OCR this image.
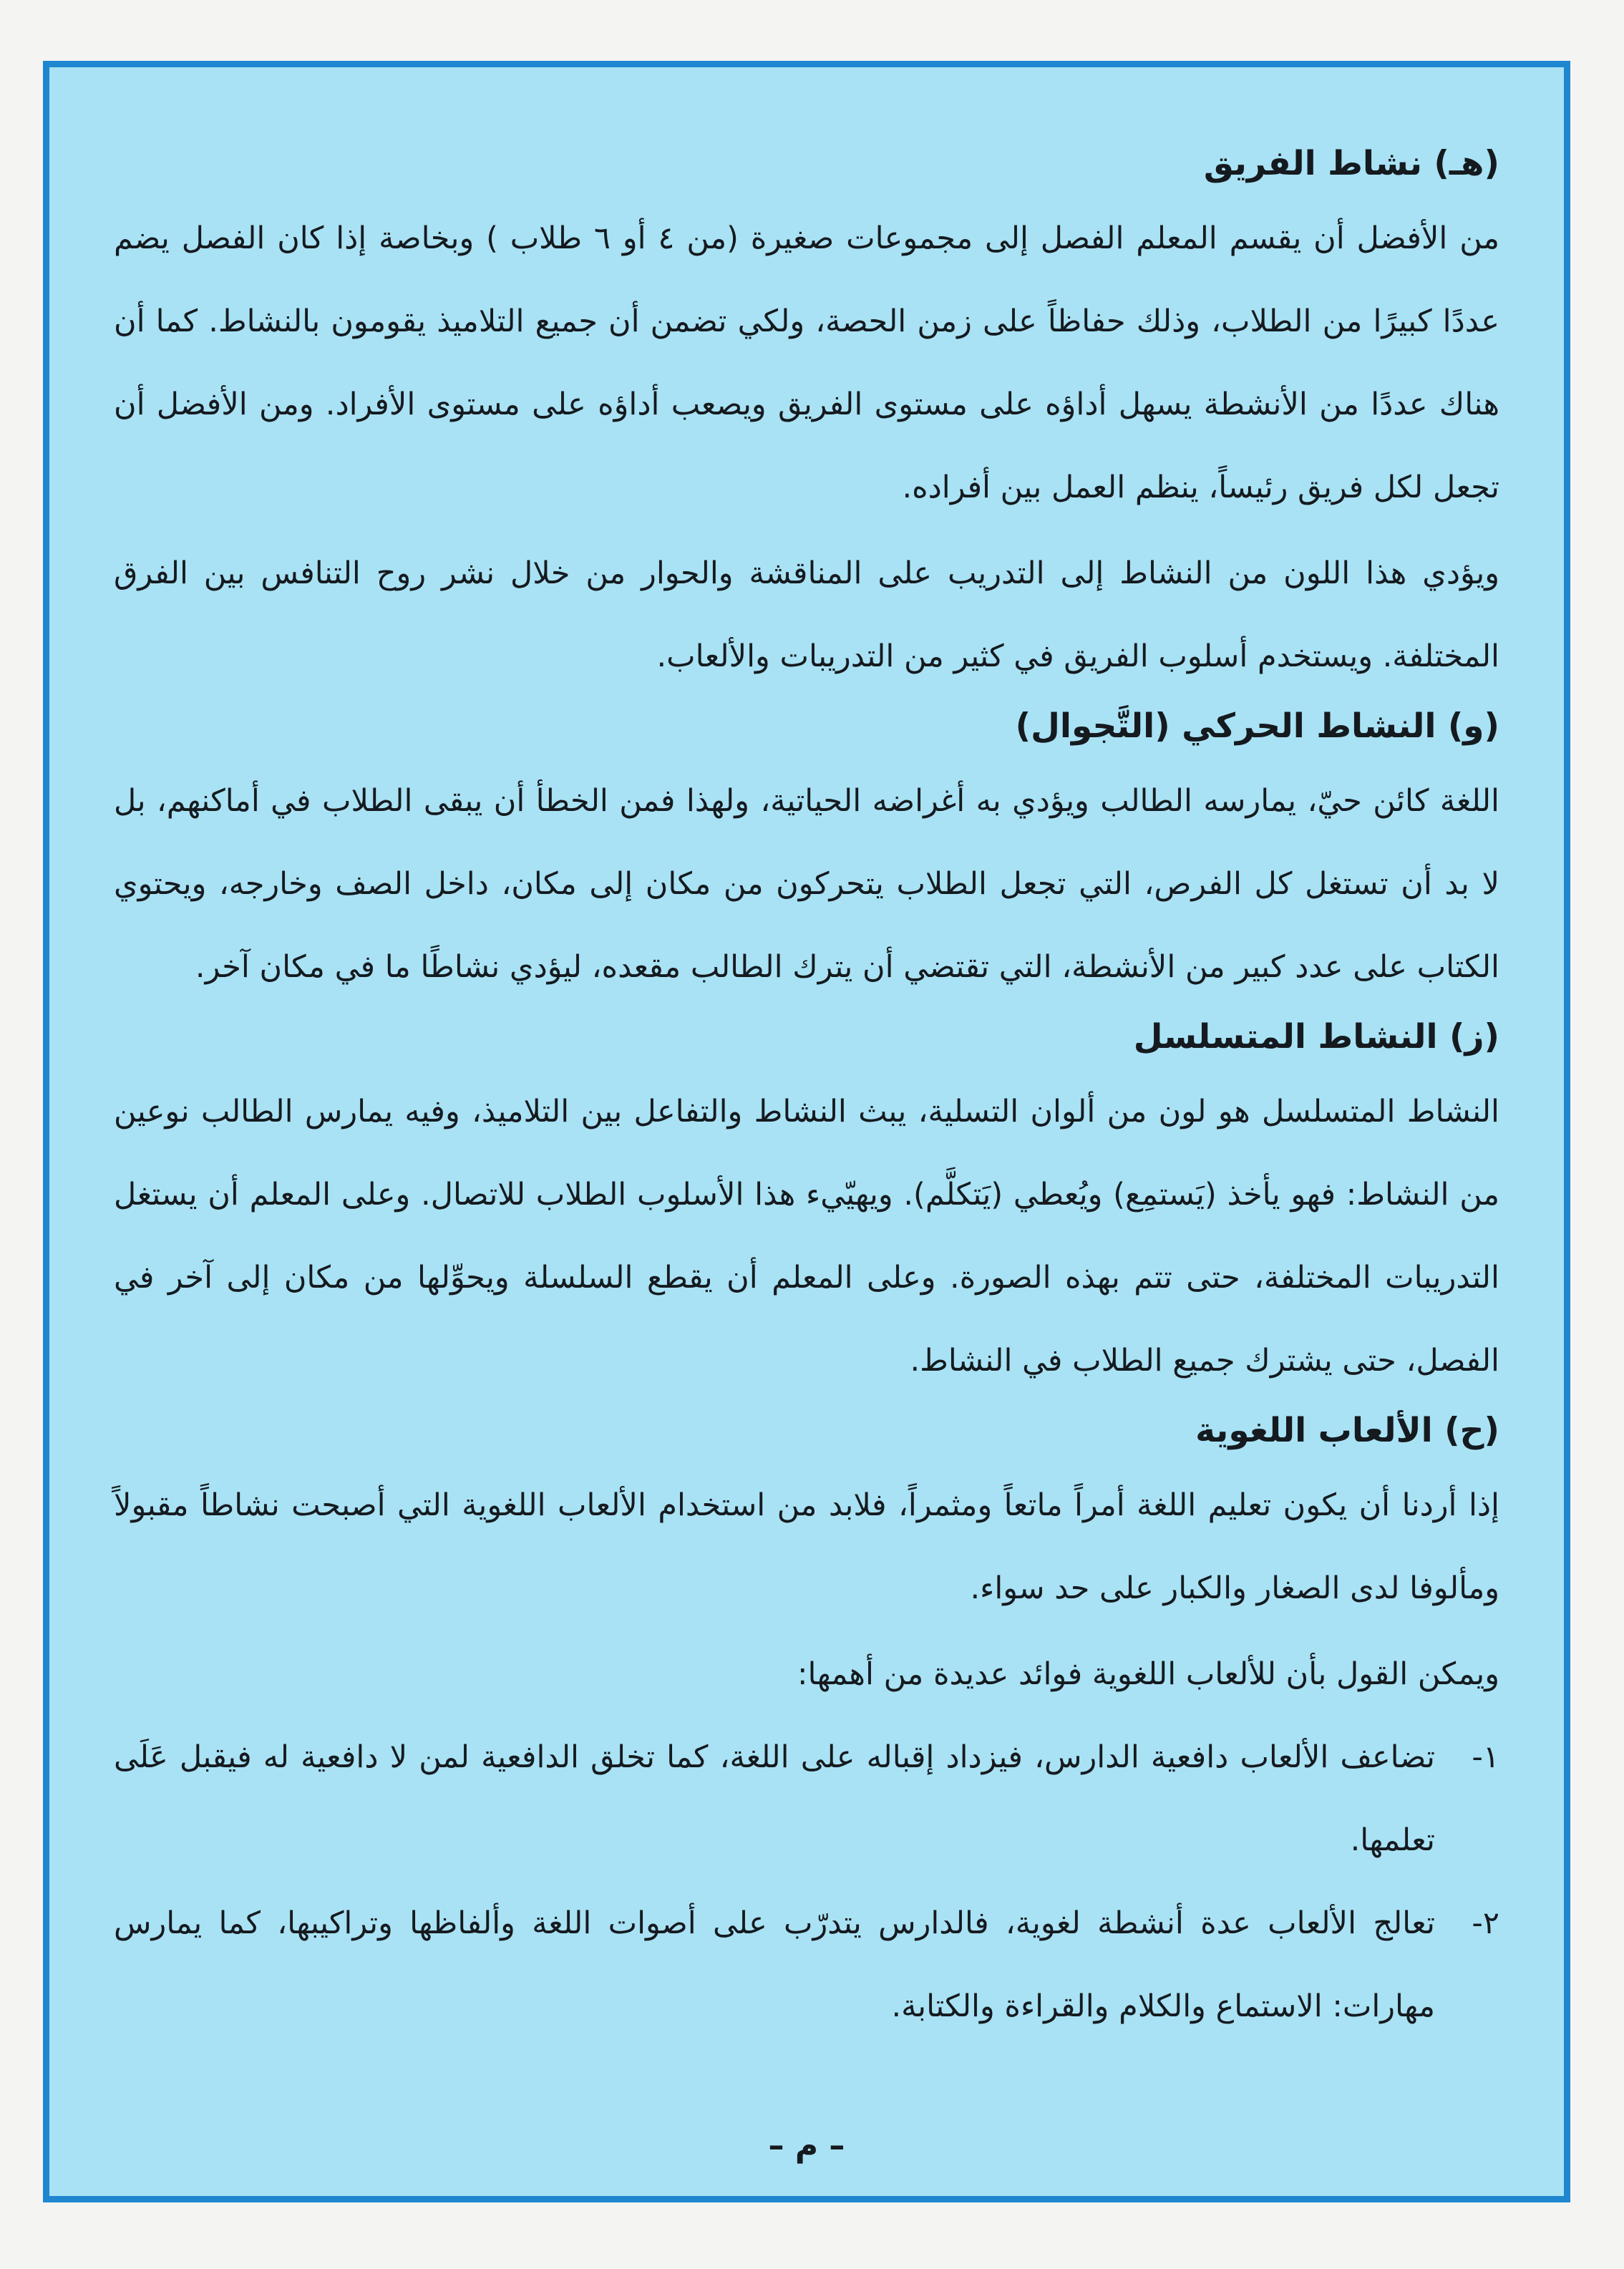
(هـ) نشاط الفريق

من الأفضل أن يقسم المعلم الفصل إلى مجموعات صغيرة (من ٤ أو ٦ طلاب ) وبخاصة إذا كان الفصل يضم عددًا كبيرًا من الطلاب، وذلك حفاظاً على زمن الحصة، ولكي تضمن أن جميع التلاميذ يقومون بالنشاط. كما أن هناك عددًا من الأنشطة يسهل أداؤه على مستوى الفريق ويصعب أداؤه على مستوى الأفراد. ومن الأفضل أن تجعل لكل فريق رئيساً، ينظم العمل بين أفراده.

ويؤدي هذا اللون من النشاط إلى التدريب على المناقشة والحوار من خلال نشر روح التنافس بين الفرق المختلفة. ويستخدم أسلوب الفريق في كثير من التدريبات والألعاب.

(و) النشاط الحركي (التَّجوال)

اللغة كائن حيّ، يمارسه الطالب ويؤدي به أغراضه الحياتية، ولهذا فمن الخطأ أن يبقى الطلاب في أماكنهم، بل لا بد أن تستغل كل الفرص، التي تجعل الطلاب يتحركون من مكان إلى مكان، داخل الصف وخارجه، ويحتوي الكتاب على عدد كبير من الأنشطة، التي تقتضي أن يترك الطالب مقعده، ليؤدي نشاطًا ما في مكان آخر.

(ز) النشاط المتسلسل

النشاط المتسلسل هو لون من ألوان التسلية، يبث النشاط والتفاعل بين التلاميذ، وفيه يمارس الطالب نوعين من النشاط: فهو يأخذ (يَستمِع) ويُعطي (يَتكلَّم). ويهيّيء هذا الأسلوب الطلاب للاتصال. وعلى المعلم أن يستغل التدريبات المختلفة، حتى تتم بهذه الصورة. وعلى المعلم أن يقطع السلسلة ويحوِّلها من مكان إلى آخر في الفصل، حتى يشترك جميع الطلاب في النشاط.

(ح) الألعاب اللغوية

إذا أردنا أن يكون تعليم اللغة أمراً ماتعاً ومثمراً، فلابد من استخدام الألعاب اللغوية التي أصبحت نشاطاً مقبولاً ومألوفا لدى الصغار والكبار على حد سواء.

ويمكن القول بأن للألعاب اللغوية فوائد عديدة من أهمها:

١-
تضاعف الألعاب دافعية الدارس، فيزداد إقباله على اللغة، كما تخلق الدافعية لمن لا دافعية له فيقبل عَلَى تعلمها.
٢-
تعالج الألعاب عدة أنشطة لغوية، فالدارس يتدرّب على أصوات اللغة وألفاظها وتراكيبها، كما يمارس مهارات: الاستماع والكلام والقراءة والكتابة.
– م –
